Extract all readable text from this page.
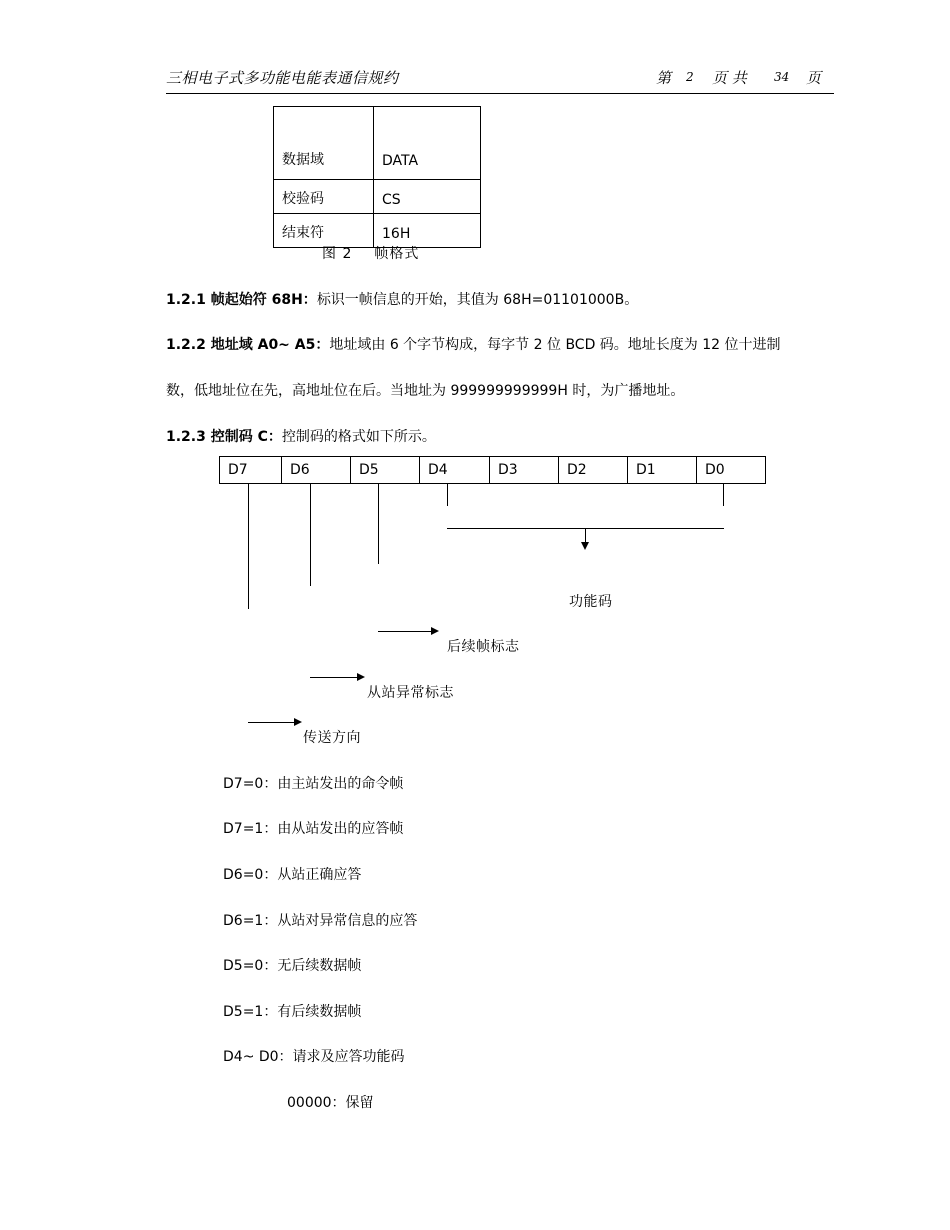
三相电子式多功能电能表通信规约	第 2 页 共 34 页
数据域	DATA
校验码	CS
结束符	16H
图 2 帧格式
1.2.1 帧起始符 68H：标识一帧信息的开始，其值为 68H=01101000B。
1.2.2 地址域 A0~ A5：地址域由 6 个字节构成，每字节 2 位 BCD 码。地址长度为 12 位十进制
数，低地址位在先，高地址位在后。当地址为 999999999999H 时，为广播地址。
1.2.3 控制码 C：控制码的格式如下所示。
D7	D6	D5	D4	D3	D2	D1	D0
功能码
后续帧标志
从站异常标志
传送方向
D7=0：由主站发出的命令帧
D7=1：由从站发出的应答帧
D6=0：从站正确应答
D6=1：从站对异常信息的应答
D5=0：无后续数据帧
D5=1：有后续数据帧
D4~ D0：请求及应答功能码
00000：保留
